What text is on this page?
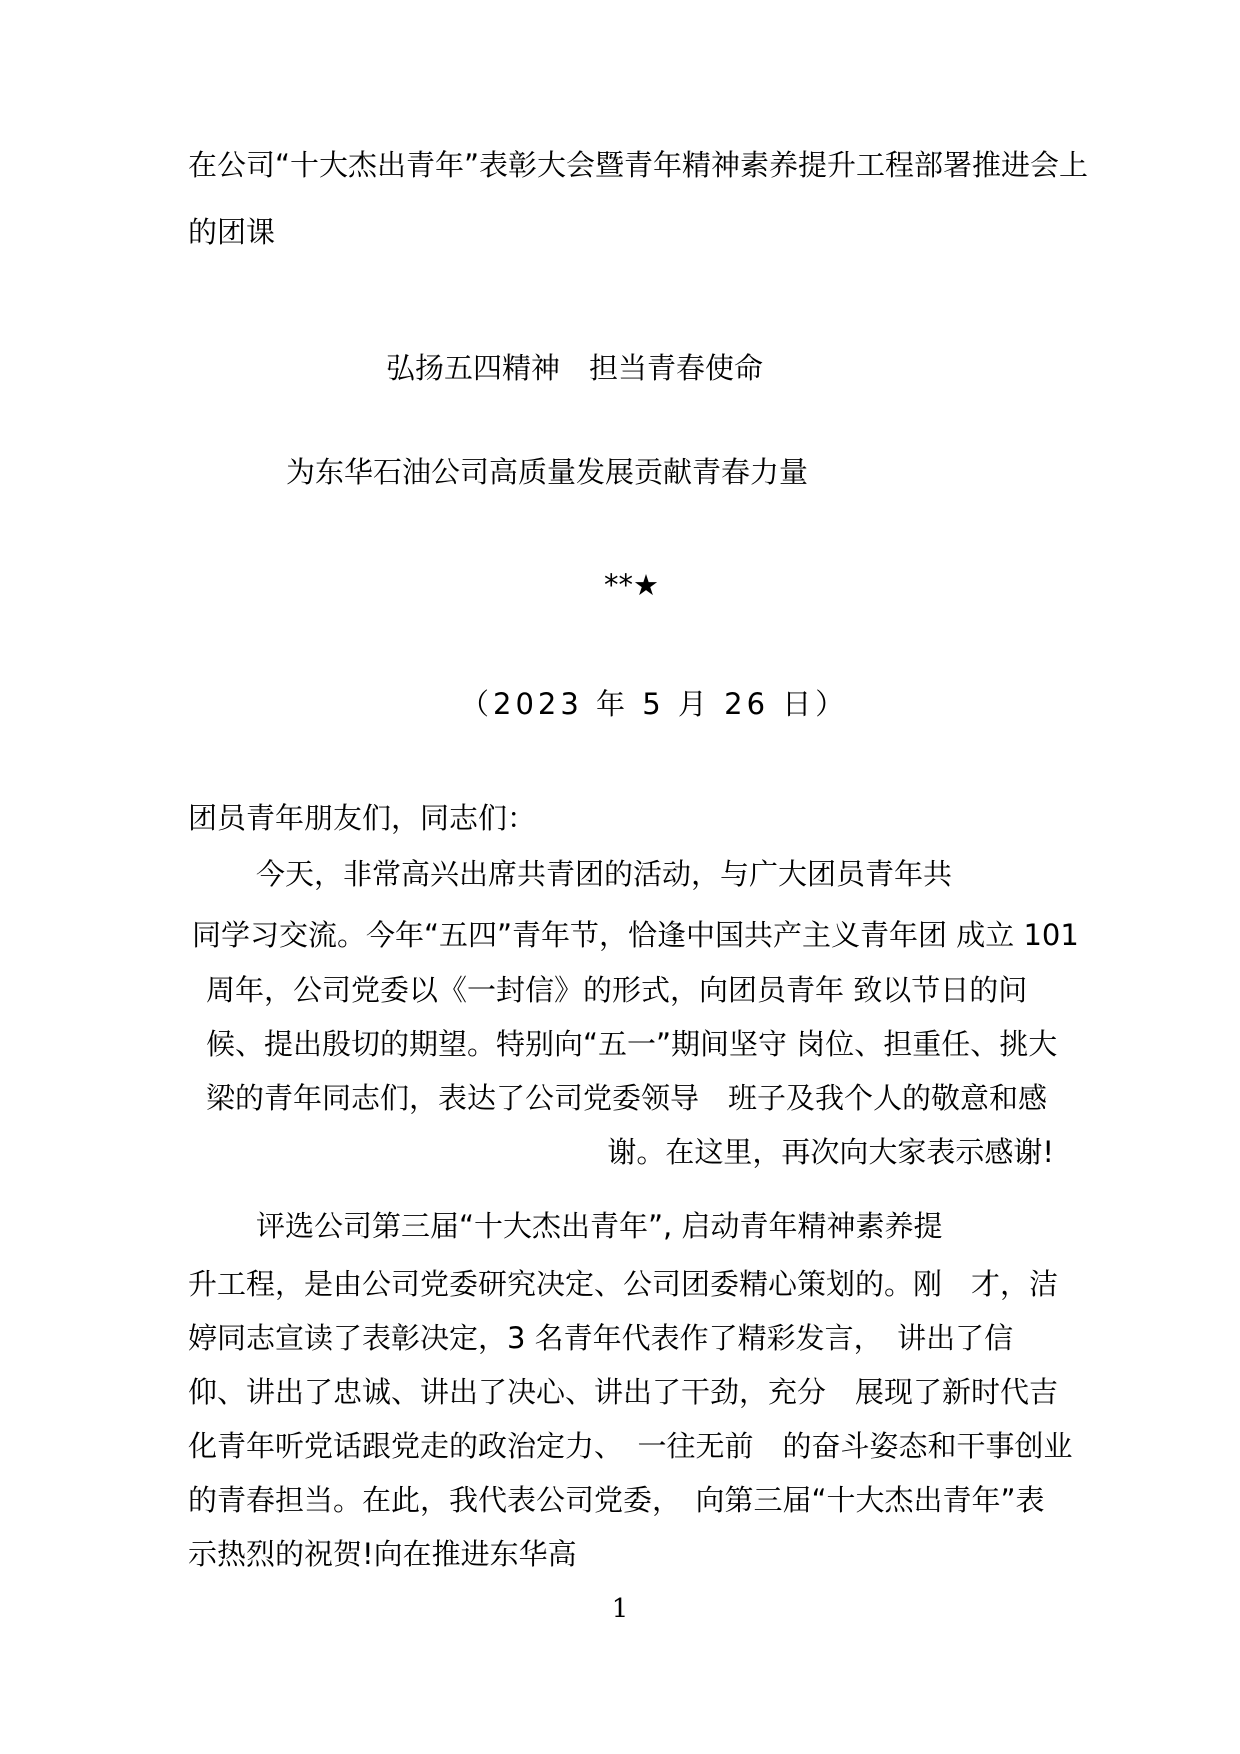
在公司“十大杰出青年”表彰大会暨青年精神素养提升工程部署推进会上
的团课
弘扬五四精神　担当青春使命
为东华石油公司高质量发展贡献青春力量
**★
（2023 年 5 月 26 日）
团员青年朋友们，同志们：
今天，非常高兴出席共青团的活动，与广大团员青年共
同学习交流。今年“五四”青年节，恰逢中国共产主义青年团 成立 101
周年，公司党委以《一封信》的形式，向团员青年 致以节日的问
候、提出殷切的期望。特别向“五一”期间坚守 岗位、担重任、挑大
梁的青年同志们，表达了公司党委领导　班子及我个人的敬意和感
谢。在这里，再次向大家表示感谢!
评选公司第三届“十大杰出青年”, 启动青年精神素养提
升工程，是由公司党委研究决定、公司团委精心策划的。刚　才，洁
婷同志宣读了表彰决定，3 名青年代表作了精彩发言，　讲出了信
仰、讲出了忠诚、讲出了决心、讲出了干劲，充分　展现了新时代吉
化青年听党话跟党走的政治定力、　一往无前　的奋斗姿态和干事创业
的青春担当。在此，我代表公司党委，　向第三届“十大杰出青年”表
示热烈的祝贺!向在推进东华高
1
